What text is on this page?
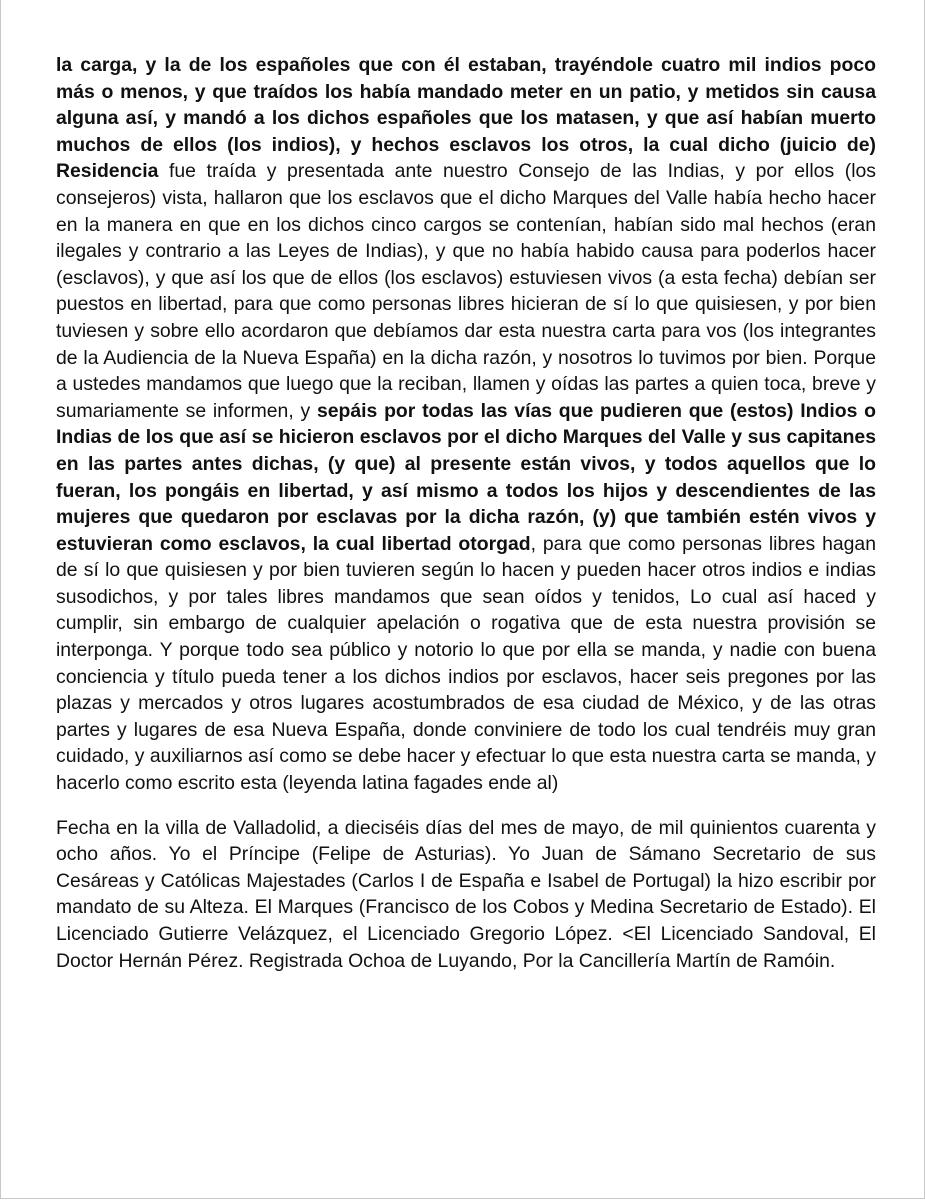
la carga, y la de los españoles que con él estaban, trayéndole cuatro mil indios poco más o menos, y que traídos los había mandado meter en un patio, y metidos sin causa alguna así, y mandó a los dichos españoles que los matasen, y que así habían muerto muchos de ellos (los indios), y hechos esclavos los otros, la cual dicho (juicio de) Residencia fue traída y presentada ante nuestro Consejo de las Indias, y por ellos (los consejeros) vista, hallaron que los esclavos que el dicho Marques del Valle había hecho hacer en la manera en que en los dichos cinco cargos se contenían, habían sido mal hechos (eran ilegales y contrario a las Leyes de Indias), y que no había habido causa para poderlos hacer (esclavos), y que así los que de ellos (los esclavos) estuviesen vivos (a esta fecha) debían ser puestos en libertad, para que como personas libres hicieran de sí lo que quisiesen, y por bien tuviesen y sobre ello acordaron que debíamos dar esta nuestra carta para vos (los integrantes de la Audiencia de la Nueva España) en la dicha razón, y nosotros lo tuvimos por bien. Porque a ustedes mandamos que luego que la reciban, llamen y oídas las partes a quien toca, breve y sumariamente se informen, y sepáis por todas las vías que pudieren que (estos) Indios o Indias de los que así se hicieron esclavos por el dicho Marques del Valle y sus capitanes en las partes antes dichas, (y que) al presente están vivos, y todos aquellos que lo fueran, los pongáis en libertad, y así mismo a todos los hijos y descendientes de las mujeres que quedaron por esclavas por la dicha razón, (y) que también estén vivos y estuvieran como esclavos, la cual libertad otorgad, para que como personas libres hagan de sí lo que quisiesen y por bien tuvieren según lo hacen y pueden hacer otros indios e indias susodichos, y por tales libres mandamos que sean oídos y tenidos, Lo cual así haced y cumplir, sin embargo de cualquier apelación o rogativa que de esta nuestra provisión se interponga. Y porque todo sea público y notorio lo que por ella se manda, y nadie con buena conciencia y título pueda tener a los dichos indios por esclavos, hacer seis pregones por las plazas y mercados y otros lugares acostumbrados de esa ciudad de México, y de las otras partes y lugares de esa Nueva España, donde conviniere de todo los cual tendréis muy gran cuidado, y auxiliarnos así como se debe hacer y efectuar lo que esta nuestra carta se manda, y hacerlo como escrito esta (leyenda latina fagades ende al)

Fecha en la villa de Valladolid, a dieciséis días del mes de mayo, de mil quinientos cuarenta y ocho años. Yo el Príncipe (Felipe de Asturias). Yo Juan de Sámano Secretario de sus Cesáreas y Católicas Majestades (Carlos I de España e Isabel de Portugal) la hizo escribir por mandato de su Alteza. El Marques (Francisco de los Cobos y Medina Secretario de Estado). El Licenciado Gutierre Velázquez, el Licenciado Gregorio López. <El Licenciado Sandoval, El Doctor Hernán Pérez. Registrada Ochoa de Luyando, Por la Cancillería Martín de Ramóin.
